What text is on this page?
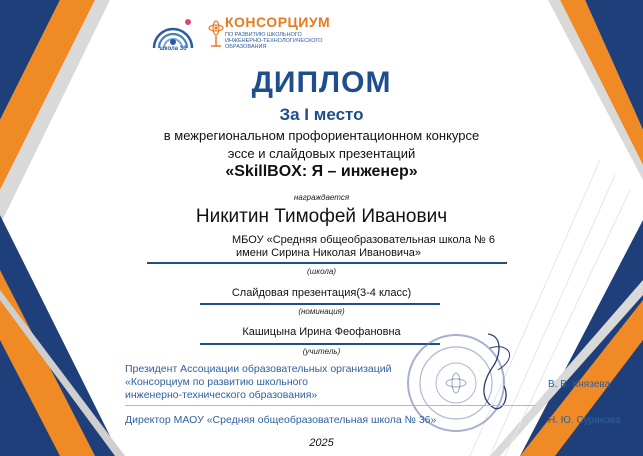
школа 36
КОНСОРЦИУМ
ПО РАЗВИТИЮ ШКОЛЬНОГО ИНЖЕНЕРНО-ТЕХНОЛОГИЧЕСКОГО ОБРАЗОВАНИЯ
ДИПЛОМ
За I место
в межрегиональном профориентационном конкурсе
эссе и слайдовых презентаций
«SkillBOX: Я – инженер»
награждается
Никитин Тимофей Иванович
МБОУ «Средняя общеобразовательная школа № 6
имени Сирина Николая Ивановича»
(школа)
Слайдовая презентация(3-4 класс)
(номинация)
Кашицына Ирина Феофановна
(учитель)
Президент Ассоциации образовательных организаций
«Консорциум по развитию школьного
инженерно-технического образования»
В. В. Князева
Директор МАОУ «Средняя общеобразовательная школа № 36»	Н. Ю. Сурикова
2025
